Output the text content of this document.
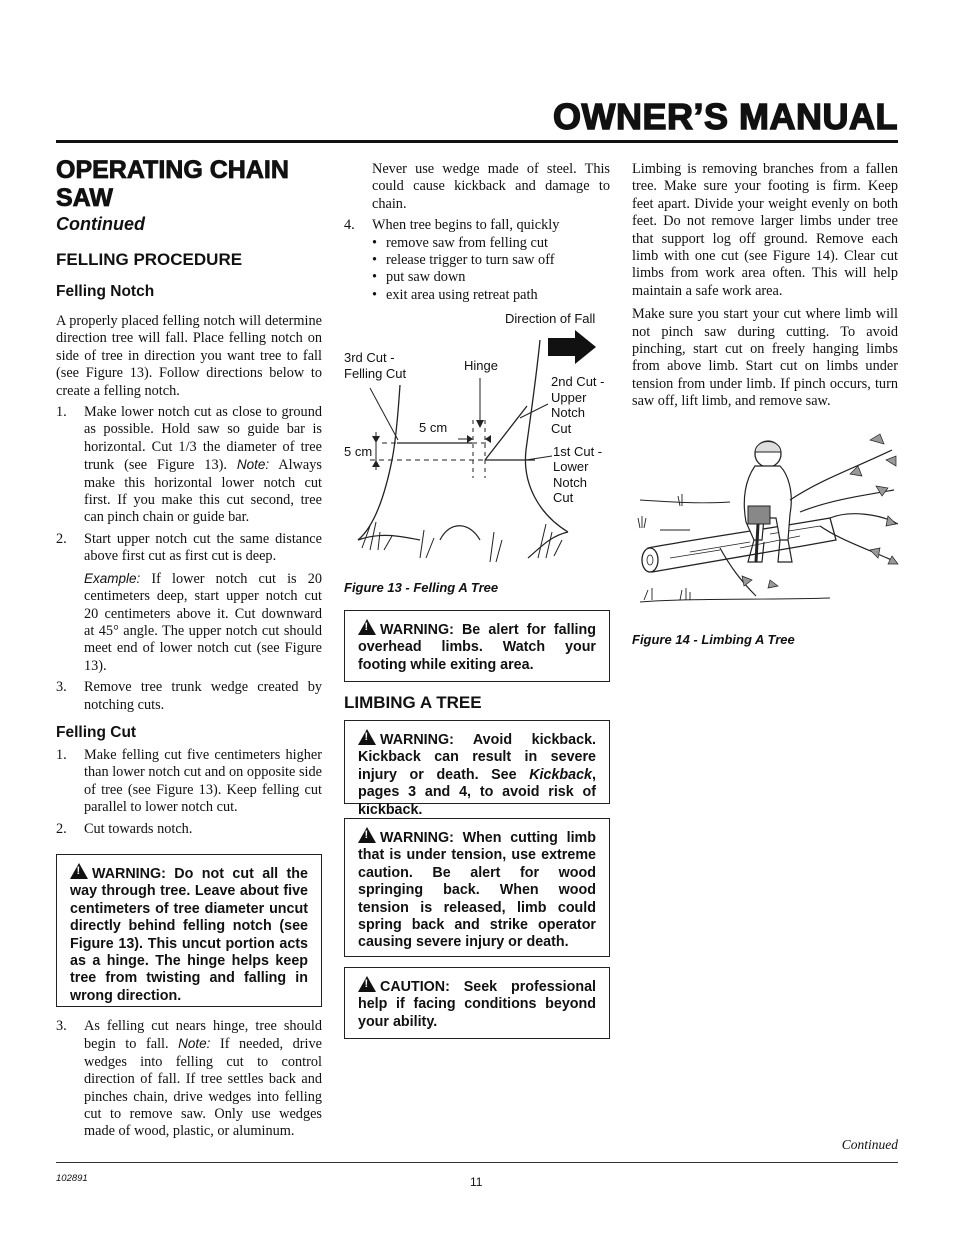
OWNER’S MANUAL
OPERATING CHAIN SAW
Continued
FELLING PROCEDURE
Felling Notch

A properly placed felling notch will determine direction tree will fall. Place felling notch on side of tree in direction you want tree to fall (see Figure 13). Follow directions below to create a felling notch.

1.	Make lower notch cut as close to ground as possible. Hold saw so guide bar is horizontal. Cut 1/3 the diameter of tree trunk (see Figure 13). Note: Always make this horizontal lower notch cut first. If you make this cut second, tree can pinch chain or guide bar.
2.	Start upper notch cut the same distance above first cut as first cut is deep.
Example: If lower notch cut is 20 centimeters deep, start upper notch cut 20 centimeters above it. Cut downward at 45° angle. The upper notch cut should meet end of lower notch cut (see Figure 13).
3.	Remove tree trunk wedge created by notching cuts.
Felling Cut
1.	Make felling cut five centimeters higher than lower notch cut and on opposite side of tree (see Figure 13). Keep felling cut parallel to lower notch cut.
2.	Cut towards notch.
!WARNING: Do not cut all the way through tree. Leave about five centimeters of tree diameter uncut directly behind felling notch (see Figure 13). This uncut portion acts as a hinge. The hinge helps keep tree from twisting and falling in wrong direction.
3.	As felling cut nears hinge, tree should begin to fall. Note: If needed, drive wedges into felling cut to control direction of fall. If tree settles back and pinches chain, drive wedges into felling cut to remove saw. Only use wedges made of wood, plastic, or aluminum.
Never use wedge made of steel. This could cause kickback and damage to chain.
4.	When tree begins to fall, quickly
• remove saw from felling cut
• release trigger to turn saw off
• put saw down
• exit area using retreat path
Direction of Fall
3rd Cut -
Felling Cut
Hinge
2nd Cut -
Upper
Notch
Cut
1st Cut -
Lower
Notch
Cut
5 cm
5 cm
Figure 13 - Felling A Tree
!WARNING: Be alert for falling overhead limbs. Watch your footing while exiting area.
LIMBING A TREE
!WARNING: Avoid kickback. Kickback can result in severe injury or death. See Kickback, pages 3 and 4, to avoid risk of kickback.
!WARNING: When cutting limb that is under tension, use extreme caution. Be alert for wood springing back. When wood tension is released, limb could spring back and strike operator causing severe injury or death.
!CAUTION: Seek professional help if facing conditions beyond your ability.

Limbing is removing branches from a fallen tree. Make sure your footing is firm. Keep feet apart. Divide your weight evenly on both feet. Do not remove larger limbs under tree that support log off ground. Remove each limb with one cut (see Figure 14). Clear cut limbs from work area often. This will help maintain a safe work area.

Make sure you start your cut where limb will not pinch saw during cutting. To avoid pinching, start cut on freely hanging limbs from above limb. Start cut on limbs under tension from under limb. If pinch occurs, turn saw off, lift limb, and remove saw.

Figure 14 - Limbing A Tree
Continued
102891	11
